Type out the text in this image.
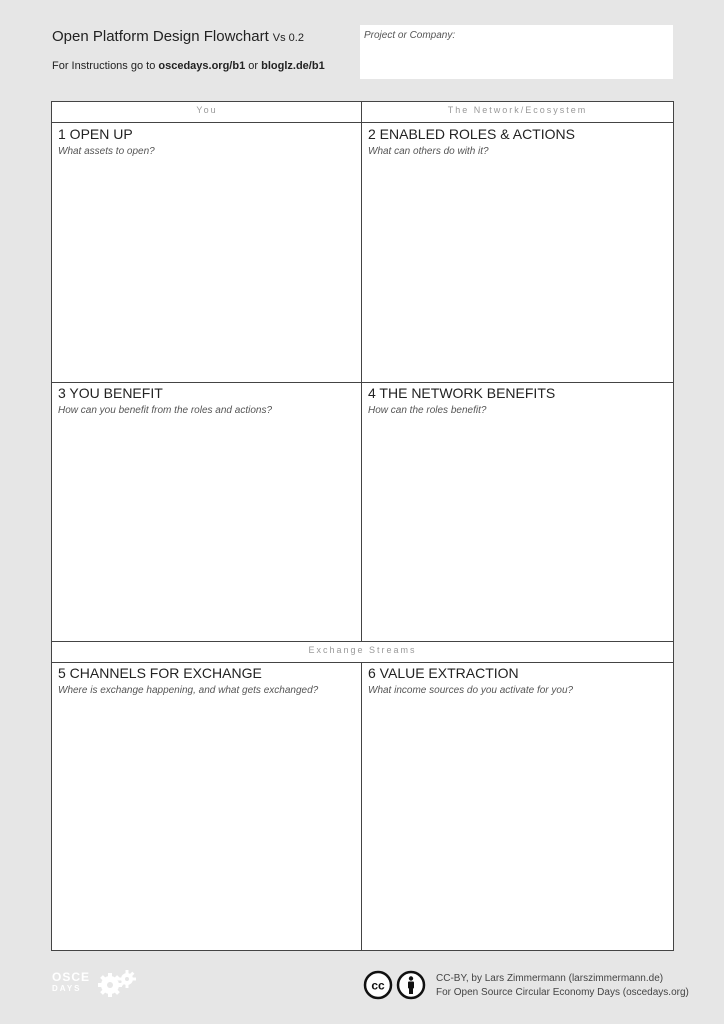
Open Platform Design Flowchart Vs 0.2
For Instructions go to oscedays.org/b1 or bloglz.de/b1
Project or Company:
You	The Network/Ecosystem
Exchange Streams
1 OPEN UP
What assets to open?
2 ENABLED ROLES & ACTIONS
What can others do with it?
3 YOU BENEFIT
How can you benefit from the roles and actions?
4 THE NETWORK BENEFITS
How can the roles benefit?
5 CHANNELS FOR EXCHANGE
Where is exchange happening, and what gets exchanged?
6 VALUE EXTRACTION
What income sources do you activate for you?
OSCE
DAYS	cc	CC-BY, by Lars Zimmermann (larszimmermann.de)
For Open Source Circular Economy Days (oscedays.org)
